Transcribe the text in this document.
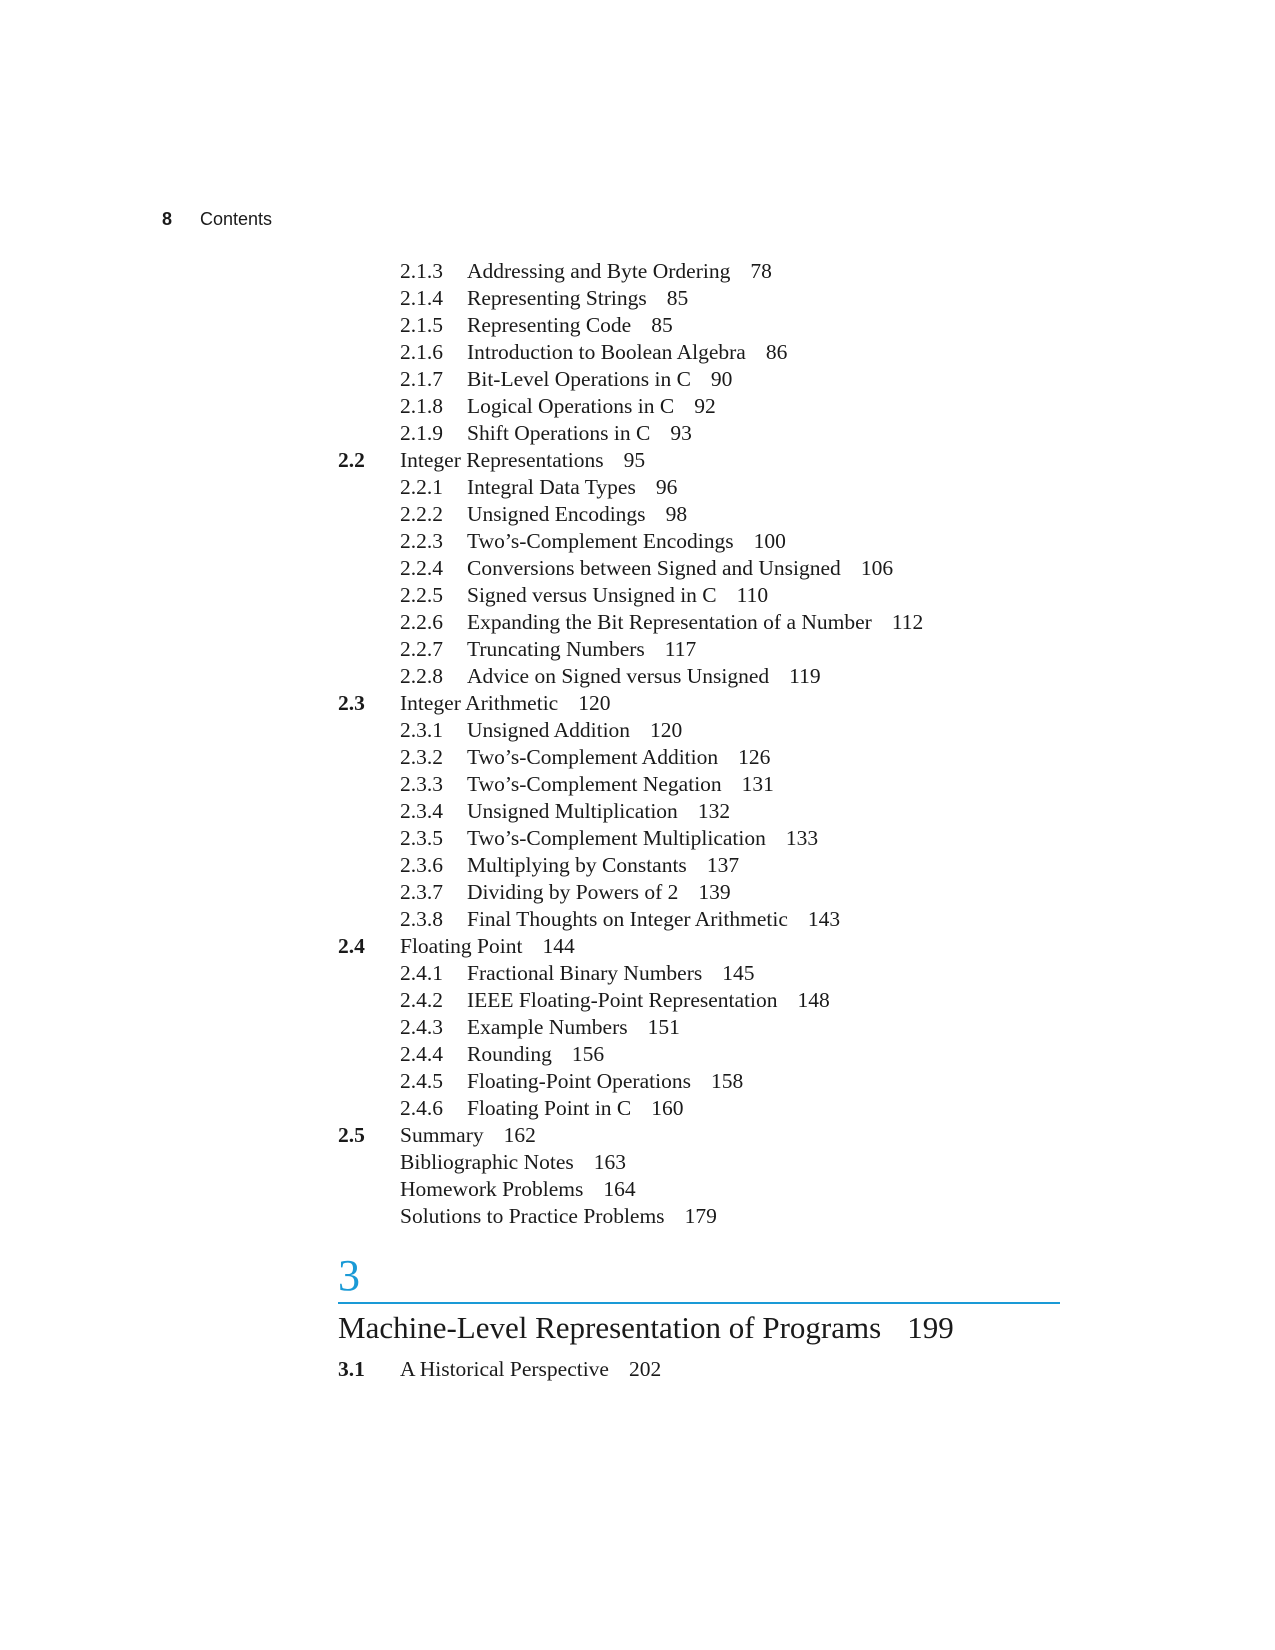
8 Contents
2.1.3 Addressing and Byte Ordering 78
2.1.4 Representing Strings 85
2.1.5 Representing Code 85
2.1.6 Introduction to Boolean Algebra 86
2.1.7 Bit-Level Operations in C 90
2.1.8 Logical Operations in C 92
2.1.9 Shift Operations in C 93
2.2 Integer Representations 95
2.2.1 Integral Data Types 96
2.2.2 Unsigned Encodings 98
2.2.3 Two’s-Complement Encodings 100
2.2.4 Conversions between Signed and Unsigned 106
2.2.5 Signed versus Unsigned in C 110
2.2.6 Expanding the Bit Representation of a Number 112
2.2.7 Truncating Numbers 117
2.2.8 Advice on Signed versus Unsigned 119
2.3 Integer Arithmetic 120
2.3.1 Unsigned Addition 120
2.3.2 Two’s-Complement Addition 126
2.3.3 Two’s-Complement Negation 131
2.3.4 Unsigned Multiplication 132
2.3.5 Two’s-Complement Multiplication 133
2.3.6 Multiplying by Constants 137
2.3.7 Dividing by Powers of 2 139
2.3.8 Final Thoughts on Integer Arithmetic 143
2.4 Floating Point 144
2.4.1 Fractional Binary Numbers 145
2.4.2 IEEE Floating-Point Representation 148
2.4.3 Example Numbers 151
2.4.4 Rounding 156
2.4.5 Floating-Point Operations 158
2.4.6 Floating Point in C 160
2.5 Summary 162
Bibliographic Notes 163
Homework Problems 164
Solutions to Practice Problems 179
3
Machine-Level Representation of Programs 199
3.1 A Historical Perspective 202
